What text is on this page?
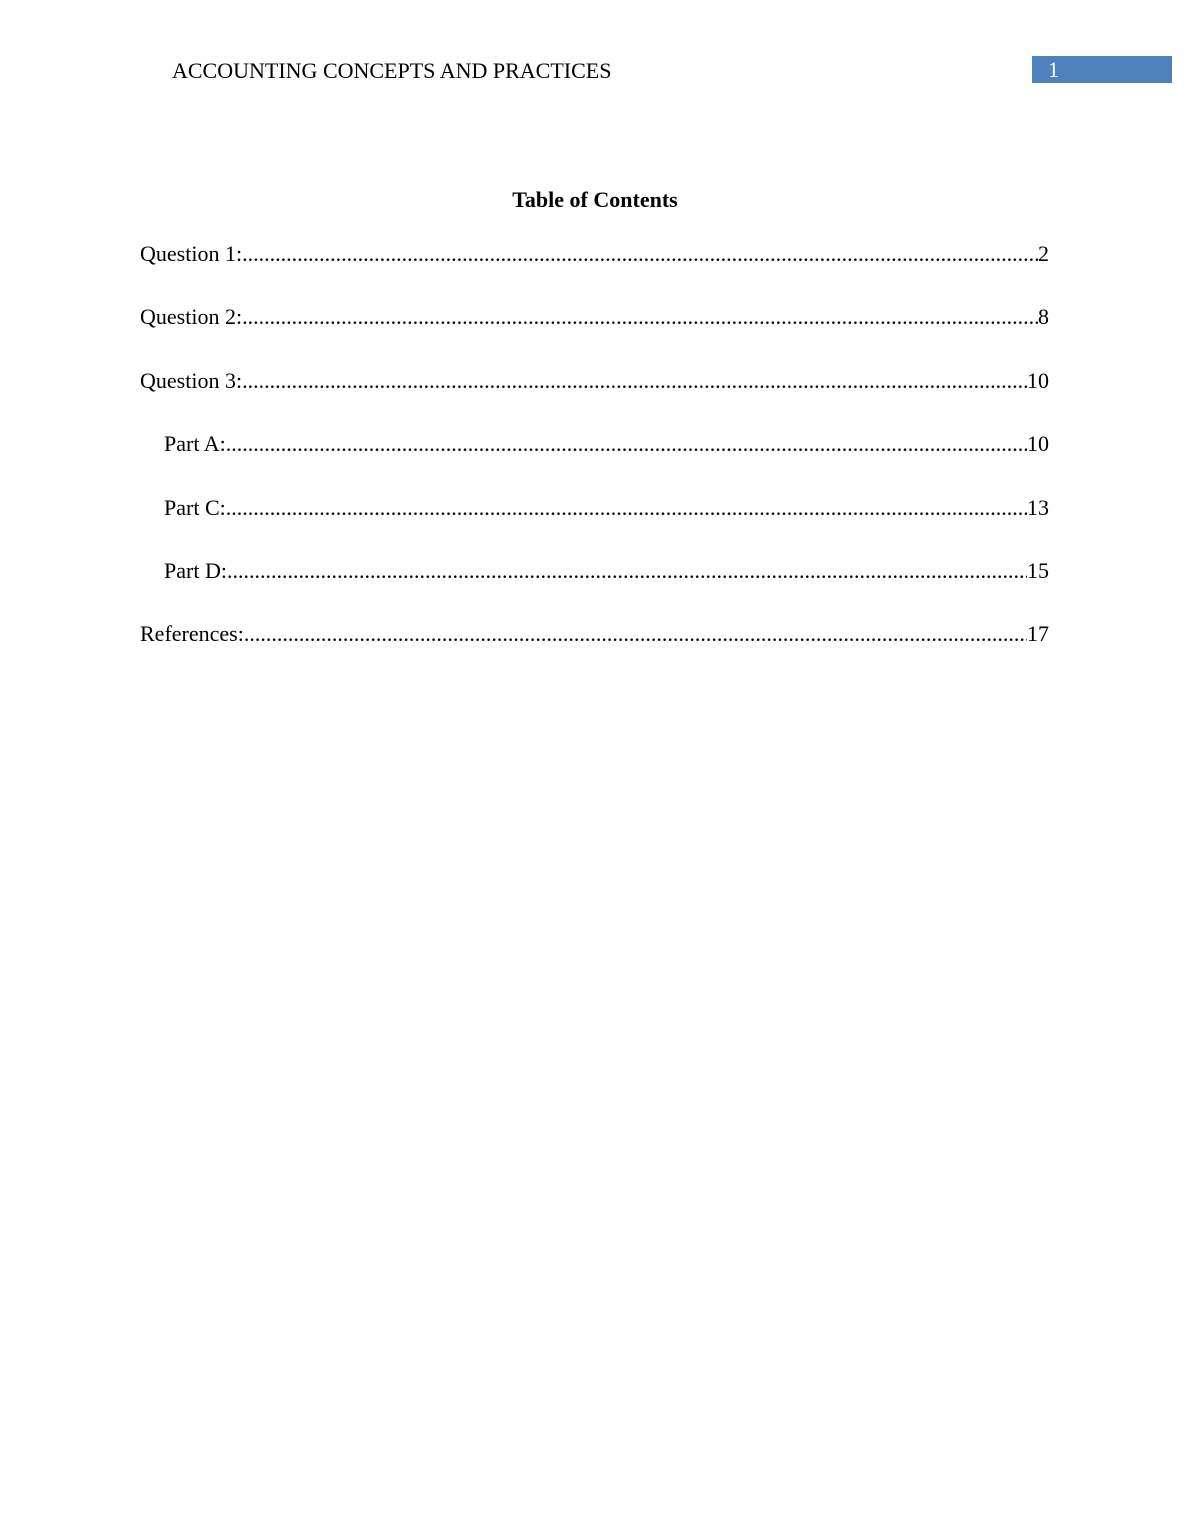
ACCOUNTING CONCEPTS AND PRACTICES	1
Table of Contents
Question 1: .....	2
Question 2: .....	8
Question 3: .....	10
Part A: .....	10
Part C: .....	13
Part D: .....	15
References: .....	17
